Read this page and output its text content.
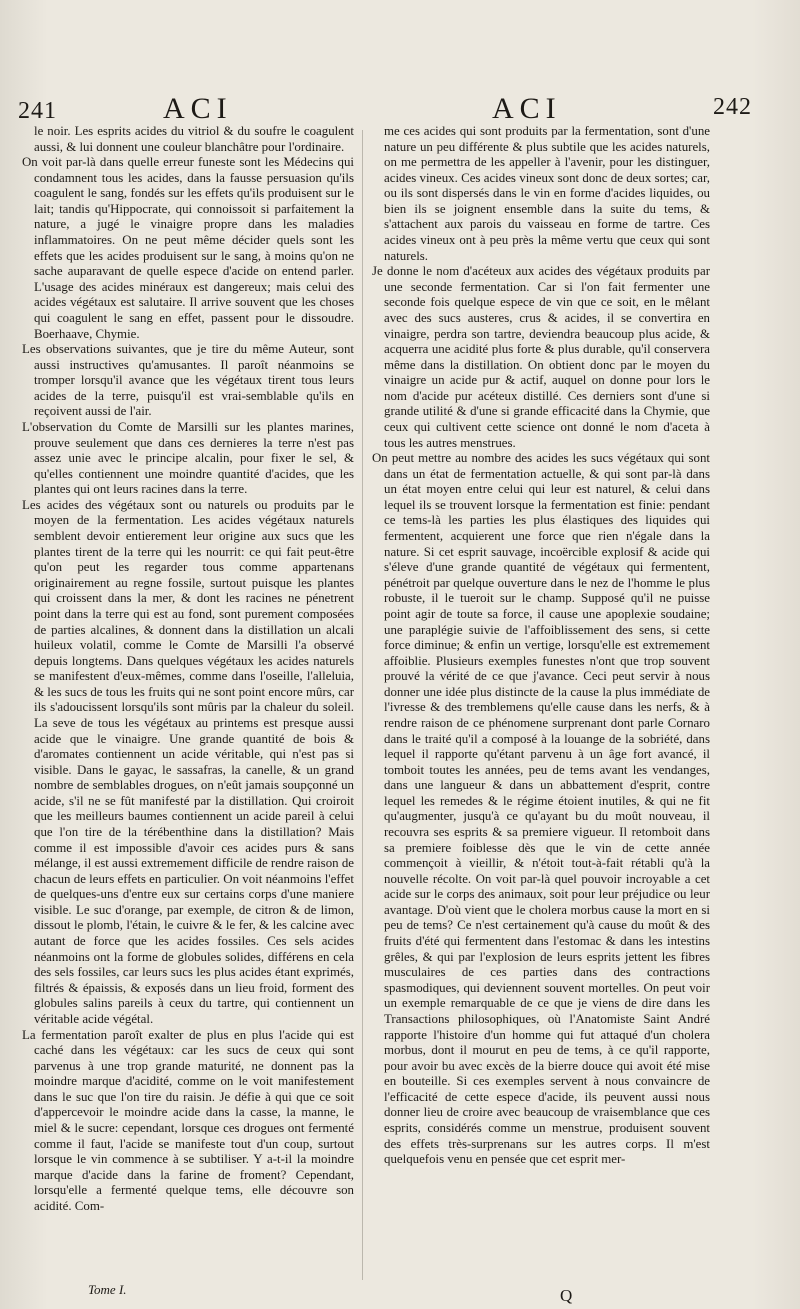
241	ACI	ACI	242

le noir. Les esprits acides du vitriol & du soufre le coagulent aussi, & lui donnent une couleur blanchâtre pour l'ordinaire.

On voit par-là dans quelle erreur funeste sont les Médecins qui condamnent tous les acides, dans la fausse persuasion qu'ils coagulent le sang, fondés sur les effets qu'ils produisent sur le lait; tandis qu'Hippocrate, qui connoissoit si parfaitement la nature, a jugé le vinaigre propre dans les maladies inflammatoires. On ne peut même décider quels sont les effets que les acides produisent sur le sang, à moins qu'on ne sache auparavant de quelle espece d'acide on entend parler. L'usage des acides minéraux est dangereux; mais celui des acides végétaux est salutaire. Il arrive souvent que les choses qui coagulent le sang en effet, passent pour le dissoudre. Boerhaave, Chymie.

Les observations suivantes, que je tire du même Auteur, sont aussi instructives qu'amusantes. Il paroît néanmoins se tromper lorsqu'il avance que les végétaux tirent tous leurs acides de la terre, puisqu'il est vrai-semblable qu'ils en reçoivent aussi de l'air.

L'observation du Comte de Marsilli sur les plantes marines, prouve seulement que dans ces dernieres la terre n'est pas assez unie avec le principe alcalin, pour fixer le sel, & qu'elles contiennent une moindre quantité d'acides, que les plantes qui ont leurs racines dans la terre.

Les acides des végétaux sont ou naturels ou produits par le moyen de la fermentation. Les acides végétaux naturels semblent devoir entierement leur origine aux sucs que les plantes tirent de la terre qui les nourrit: ce qui fait peut-être qu'on peut les regarder tous comme appartenans originairement au regne fossile, surtout puisque les plantes qui croissent dans la mer, & dont les racines ne pénetrent point dans la terre qui est au fond, sont purement composées de parties alcalines, & donnent dans la distillation un alcali huileux volatil, comme le Comte de Marsilli l'a observé depuis longtems. Dans quelques végétaux les acides naturels se manifestent d'eux-mêmes, comme dans l'oseille, l'alleluia, & les sucs de tous les fruits qui ne sont point encore mûrs, car ils s'adoucissent lorsqu'ils sont mûris par la chaleur du soleil. La seve de tous les végétaux au printems est presque aussi acide que le vinaigre. Une grande quantité de bois & d'aromates contiennent un acide véritable, qui n'est pas si visible. Dans le gayac, le sassafras, la canelle, & un grand nombre de semblables drogues, on n'eût jamais soupçonné un acide, s'il ne se fût manifesté par la distillation. Qui croiroit que les meilleurs baumes contiennent un acide pareil à celui que l'on tire de la térébenthine dans la distillation? Mais comme il est impossible d'avoir ces acides purs & sans mélange, il est aussi extremement difficile de rendre raison de chacun de leurs effets en particulier. On voit néanmoins l'effet de quelques-uns d'entre eux sur certains corps d'une maniere visible. Le suc d'orange, par exemple, de citron & de limon, dissout le plomb, l'étain, le cuivre & le fer, & les calcine avec autant de force que les acides fossiles. Ces sels acides néanmoins ont la forme de globules solides, différens en cela des sels fossiles, car leurs sucs les plus acides étant exprimés, filtrés & épaissis, & exposés dans un lieu froid, forment des globules salins pareils à ceux du tartre, qui contiennent un véritable acide végétal.

La fermentation paroît exalter de plus en plus l'acide qui est caché dans les végétaux: car les sucs de ceux qui sont parvenus à une trop grande maturité, ne donnent pas la moindre marque d'acidité, comme on le voit manifestement dans le suc que l'on tire du raisin. Je défie à qui que ce soit d'appercevoir le moindre acide dans la casse, la manne, le miel & le sucre: cependant, lorsque ces drogues ont fermenté comme il faut, l'acide se manifeste tout d'un coup, surtout lorsque le vin commence à se subtiliser. Y a-t-il la moindre marque d'acide dans la farine de froment? Cependant, lorsqu'elle a fermenté quelque tems, elle découvre son acidité. Com-

me ces acides qui sont produits par la fermentation, sont d'une nature un peu différente & plus subtile que les acides naturels, on me permettra de les appeller à l'avenir, pour les distinguer, acides vineux. Ces acides vineux sont donc de deux sortes; car, ou ils sont dispersés dans le vin en forme d'acides liquides, ou bien ils se joignent ensemble dans la suite du tems, & s'attachent aux parois du vaisseau en forme de tartre. Ces acides vineux ont à peu près la même vertu que ceux qui sont naturels.

Je donne le nom d'acéteux aux acides des végétaux produits par une seconde fermentation. Car si l'on fait fermenter une seconde fois quelque espece de vin que ce soit, en le mêlant avec des sucs austeres, crus & acides, il se convertira en vinaigre, perdra son tartre, deviendra beaucoup plus acide, & acquerra une acidité plus forte & plus durable, qu'il conservera même dans la distillation. On obtient donc par le moyen du vinaigre un acide pur & actif, auquel on donne pour lors le nom d'acide pur acéteux distillé. Ces derniers sont d'une si grande utilité & d'une si grande efficacité dans la Chymie, que ceux qui cultivent cette science ont donné le nom d'aceta à tous les autres menstrues.

On peut mettre au nombre des acides les sucs végétaux qui sont dans un état de fermentation actuelle, & qui sont par-là dans un état moyen entre celui qui leur est naturel, & celui dans lequel ils se trouvent lorsque la fermentation est finie: pendant ce tems-là les parties les plus élastiques des liquides qui fermentent, acquierent une force que rien n'égale dans la nature. Si cet esprit sauvage, incoërcible explosif & acide qui s'éleve d'une grande quantité de végétaux qui fermentent, pénétroit par quelque ouverture dans le nez de l'homme le plus robuste, il le tueroit sur le champ. Supposé qu'il ne puisse point agir de toute sa force, il cause une apoplexie soudaine; une paraplégie suivie de l'affoiblissement des sens, si cette force diminue; & enfin un vertige, lorsqu'elle est extremement affoiblie. Plusieurs exemples funestes n'ont que trop souvent prouvé la vérité de ce que j'avance. Ceci peut servir à nous donner une idée plus distincte de la cause la plus immédiate de l'ivresse & des tremblemens qu'elle cause dans les nerfs, & à rendre raison de ce phénomene surprenant dont parle Cornaro dans le traité qu'il a composé à la louange de la sobriété, dans lequel il rapporte qu'étant parvenu à un âge fort avancé, il tomboit toutes les années, peu de tems avant les vendanges, dans une langueur & dans un abbattement d'esprit, contre lequel les remedes & le régime étoient inutiles, & qui ne fit qu'augmenter, jusqu'à ce qu'ayant bu du moût nouveau, il recouvra ses esprits & sa premiere vigueur. Il retomboit dans sa premiere foiblesse dès que le vin de cette année commençoit à vieillir, & n'étoit tout-à-fait rétabli qu'à la nouvelle récolte. On voit par-là quel pouvoir incroyable a cet acide sur le corps des animaux, soit pour leur préjudice ou leur avantage. D'où vient que le cholera morbus cause la mort en si peu de tems? Ce n'est certainement qu'à cause du moût & des fruits d'été qui fermentent dans l'estomac & dans les intestins grêles, & qui par l'explosion de leurs esprits jettent les fibres musculaires de ces parties dans des contractions spasmodiques, qui deviennent souvent mortelles. On peut voir un exemple remarquable de ce que je viens de dire dans les Transactions philosophiques, où l'Anatomiste Saint André rapporte l'histoire d'un homme qui fut attaqué d'un cholera morbus, dont il mourut en peu de tems, à ce qu'il rapporte, pour avoir bu avec excès de la bierre douce qui avoit été mise en bouteille. Si ces exemples servent à nous convaincre de l'efficacité de cette espece d'acide, ils peuvent aussi nous donner lieu de croire avec beaucoup de vraisemblance que ces esprits, considérés comme un menstrue, produisent souvent des effets très-surprenans sur les autres corps. Il m'est quelquefois venu en pensée que cet esprit mer-

Tome I.	Q
